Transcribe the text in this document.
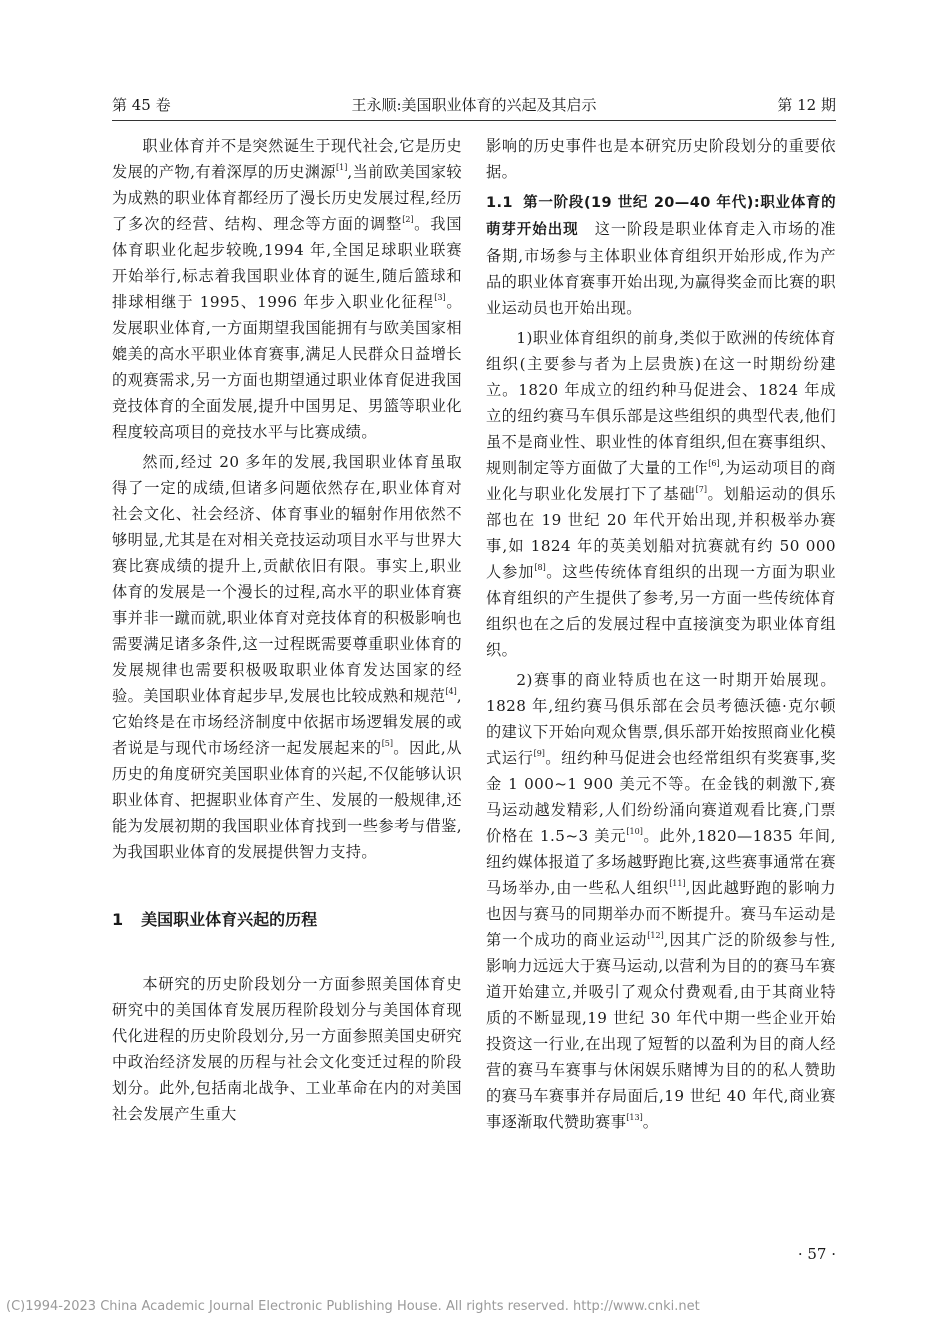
第 45 卷	王永顺:美国职业体育的兴起及其启示	第 12 期

职业体育并不是突然诞生于现代社会,它是历史发展的产物,有着深厚的历史渊源[1],当前欧美国家较为成熟的职业体育都经历了漫长历史发展过程,经历了多次的经营、结构、理念等方面的调整[2]。我国体育职业化起步较晚,1994 年,全国足球职业联赛开始举行,标志着我国职业体育的诞生,随后篮球和排球相继于 1995、1996 年步入职业化征程[3]。发展职业体育,一方面期望我国能拥有与欧美国家相媲美的高水平职业体育赛事,满足人民群众日益增长的观赛需求,另一方面也期望通过职业体育促进我国竞技体育的全面发展,提升中国男足、男篮等职业化程度较高项目的竞技水平与比赛成绩。

然而,经过 20 多年的发展,我国职业体育虽取得了一定的成绩,但诸多问题依然存在,职业体育对社会文化、社会经济、体育事业的辐射作用依然不够明显,尤其是在对相关竞技运动项目水平与世界大赛比赛成绩的提升上,贡献依旧有限。事实上,职业体育的发展是一个漫长的过程,高水平的职业体育赛事并非一蹴而就,职业体育对竞技体育的积极影响也需要满足诸多条件,这一过程既需要尊重职业体育的发展规律也需要积极吸取职业体育发达国家的经验。美国职业体育起步早,发展也比较成熟和规范[4],它始终是在市场经济制度中依据市场逻辑发展的或者说是与现代市场经济一起发展起来的[5]。因此,从历史的角度研究美国职业体育的兴起,不仅能够认识职业体育、把握职业体育产生、发展的一般规律,还能为发展初期的我国职业体育找到一些参考与借鉴,为我国职业体育的发展提供智力支持。

1 美国职业体育兴起的历程

本研究的历史阶段划分一方面参照美国体育史研究中的美国体育发展历程阶段划分与美国体育现代化进程的历史阶段划分,另一方面参照美国史研究中政治经济发展的历程与社会文化变迁过程的阶段划分。此外,包括南北战争、工业革命在内的对美国社会发展产生重大

影响的历史事件也是本研究历史阶段划分的重要依据。

1.1 第一阶段(19 世纪 20—40 年代):职业体育的萌芽开始出现  这一阶段是职业体育走入市场的准备期,市场参与主体职业体育组织开始形成,作为产品的职业体育赛事开始出现,为赢得奖金而比赛的职业运动员也开始出现。

1)职业体育组织的前身,类似于欧洲的传统体育组织(主要参与者为上层贵族)在这一时期纷纷建立。1820 年成立的纽约种马促进会、1824 年成立的纽约赛马车俱乐部是这些组织的典型代表,他们虽不是商业性、职业性的体育组织,但在赛事组织、规则制定等方面做了大量的工作[6],为运动项目的商业化与职业化发展打下了基础[7]。划船运动的俱乐部也在 19 世纪 20 年代开始出现,并积极举办赛事,如 1824 年的英美划船对抗赛就有约 50 000 人参加[8]。这些传统体育组织的出现一方面为职业体育组织的产生提供了参考,另一方面一些传统体育组织也在之后的发展过程中直接演变为职业体育组织。

2)赛事的商业特质也在这一时期开始展现。1828 年,纽约赛马俱乐部在会员考德沃德·克尔顿的建议下开始向观众售票,俱乐部开始按照商业化模式运行[9]。纽约种马促进会也经常组织有奖赛事,奖金 1 000~1 900 美元不等。在金钱的刺激下,赛马运动越发精彩,人们纷纷涌向赛道观看比赛,门票价格在 1.5~3 美元[10]。此外,1820—1835 年间,纽约媒体报道了多场越野跑比赛,这些赛事通常在赛马场举办,由一些私人组织[11],因此越野跑的影响力也因与赛马的同期举办而不断提升。赛马车运动是第一个成功的商业运动[12],因其广泛的阶级参与性,影响力远远大于赛马运动,以营利为目的的赛马车赛道开始建立,并吸引了观众付费观看,由于其商业特质的不断显现,19 世纪 30 年代中期一些企业开始投资这一行业,在出现了短暂的以盈利为目的商人经营的赛马车赛事与休闲娱乐赌博为目的的私人赞助的赛马车赛事并存局面后,19 世纪 40 年代,商业赛事逐渐取代赞助赛事[13]。

· 57 ·
(C)1994-2023 China Academic Journal Electronic Publishing House. All rights reserved. http://www.cnki.net
